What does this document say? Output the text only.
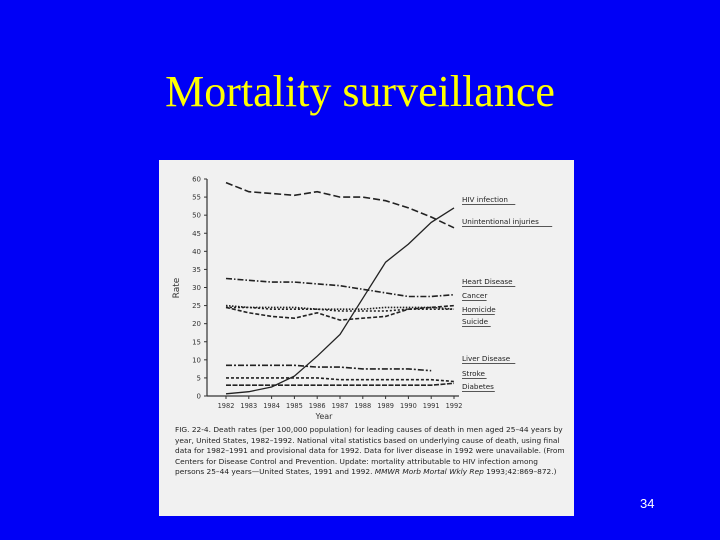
Mortality surveillance
0
5
10
15
20
25
30
35
40
45
50
55
60
1982 1983 1984 1985 1986 1987 1988 1989 1990 1991 1992
Rate
Year
HIV infection
Unintentional injuries
Heart Disease
Cancer
Homicide
Suicide
Liver Disease
Stroke
Diabetes

FIG. 22-4. Death rates (per 100,000 population) for leading causes of death in men aged 25–44 years by year, United States, 1982–1992. National vital statistics based on underlying cause of death, using final data for 1982–1991 and provisional data for 1992. Data for liver disease in 1992 were unavailable. (From Centers for Disease Control and Prevention. Update: mortality attributable to HIV infection among persons 25–44 years—United States, 1991 and 1992. MMWR Morb Mortal Wkly Rep 1993;42:869–872.)

34
